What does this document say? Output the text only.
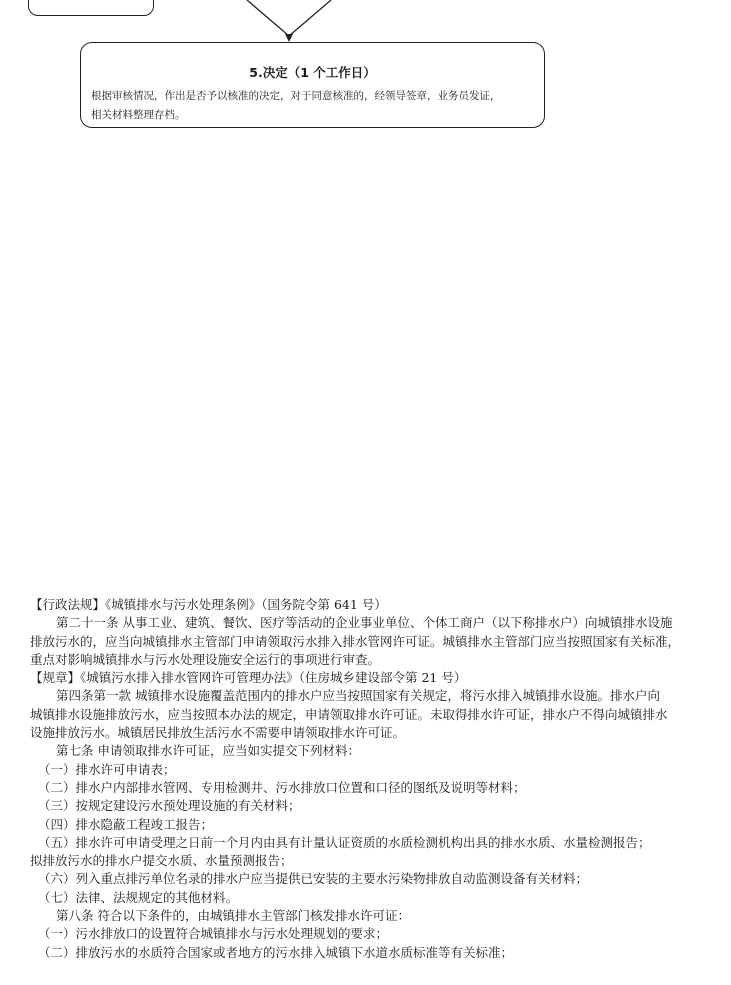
5.决定（1 个工作日）

根据审核情况，作出是否予以核准的决定，对于同意核准的，经领导签章，业务员发证，
相关材料整理存档。

【行政法规】《城镇排水与污水处理条例》（国务院令第 641 号）

第二十一条 从事工业、建筑、餐饮、医疗等活动的企业事业单位、个体工商户（以下称排水户）向城镇排水设施

排放污水的，应当向城镇排水主管部门申请领取污水排入排水管网许可证。城镇排水主管部门应当按照国家有关标准，

重点对影响城镇排水与污水处理设施安全运行的事项进行审查。

【规章】《城镇污水排入排水管网许可管理办法》（住房城乡建设部令第 21 号）

第四条第一款 城镇排水设施覆盖范围内的排水户应当按照国家有关规定，将污水排入城镇排水设施。排水户向

城镇排水设施排放污水，应当按照本办法的规定，申请领取排水许可证。未取得排水许可证，排水户不得向城镇排水

设施排放污水。城镇居民排放生活污水不需要申请领取排水许可证。

第七条 申请领取排水许可证，应当如实提交下列材料：

（一）排水许可申请表；

（二）排水户内部排水管网、专用检测井、污水排放口位置和口径的图纸及说明等材料；

（三）按规定建设污水预处理设施的有关材料；

（四）排水隐蔽工程竣工报告；

（五）排水许可申请受理之日前一个月内由具有计量认证资质的水质检测机构出具的排水水质、水量检测报告；

拟排放污水的排水户提交水质、水量预测报告；

（六）列入重点排污单位名录的排水户应当提供已安装的主要水污染物排放自动监测设备有关材料；

（七）法律、法规规定的其他材料。

第八条 符合以下条件的，由城镇排水主管部门核发排水许可证：

（一）污水排放口的设置符合城镇排水与污水处理规划的要求；

（二）排放污水的水质符合国家或者地方的污水排入城镇下水道水质标准等有关标准；
